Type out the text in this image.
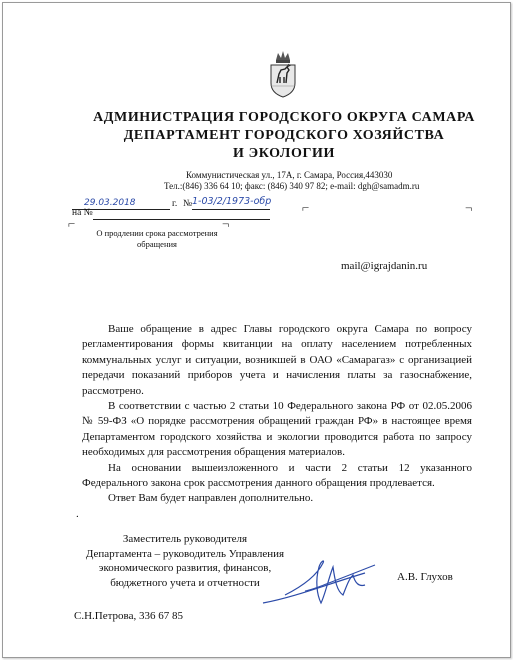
АДМИНИСТРАЦИЯ ГОРОДСКОГО ОКРУГА САМАРА
ДЕПАРТАМЕНТ ГОРОДСКОГО ХОЗЯЙСТВА
И ЭКОЛОГИИ
Коммунистическая ул., 17А, г. Самара, Россия,443030
Тел.:(846) 336 64 10; факс: (846) 340 97 82; e-mail: dgh@samadm.ru
29.03.2018	г. № 1-03/2/1973-обр
на №
⌐	¬
⌐	¬
О продлении срока рассмотрения
обращения
mail@igrajdanin.ru

Ваше обращение в адрес Главы городского округа Самара по вопросу регламентирования формы квитанции на оплату населением потребленных коммунальных услуг и ситуации, возникшей в ОАО «Самарагаз» с организацией передачи показаний приборов учета и начисления платы за газоснабжение, рассмотрено.

В соответствии с частью 2 статьи 10 Федерального закона РФ от 02.05.2006 № 59-ФЗ «О порядке рассмотрения обращений граждан РФ» в настоящее время Департаментом городского хозяйства и экологии проводится работа по запросу необходимых для рассмотрения обращения материалов.

На основании вышеизложенного и части 2 статьи 12 указанного Федерального закона срок рассмотрения данного обращения продлевается.

Ответ Вам будет направлен дополнительно.

.
Заместитель руководителя
Департамента – руководитель Управления
экономического развития, финансов,
бюджетного учета и отчетности	А.В. Глухов
С.Н.Петрова, 336 67 85
